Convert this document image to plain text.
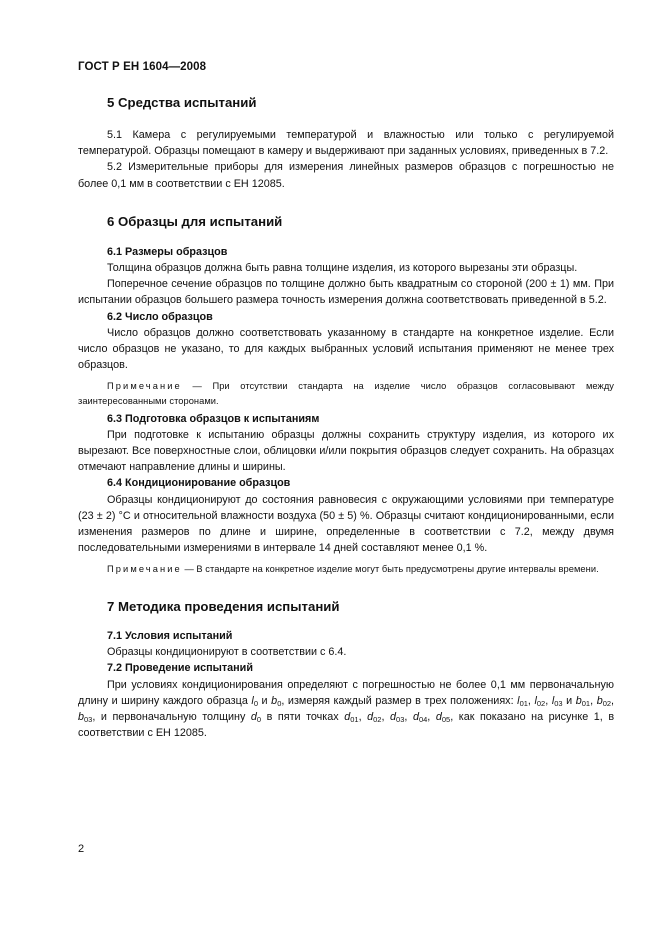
ГОСТ Р ЕН 1604—2008
5 Средства испытаний

5.1 Камера с регулируемыми температурой и влажностью или только с регулируемой температурой. Образцы помещают в камеру и выдерживают при заданных условиях, приведенных в 7.2.

5.2 Измерительные приборы для измерения линейных размеров образцов с погрешностью не более 0,1 мм в соответствии с ЕН 12085.

6 Образцы для испытаний
6.1 Размеры образцов

Толщина образцов должна быть равна толщине изделия, из которого вырезаны эти образцы.

Поперечное сечение образцов по толщине должно быть квадратным со стороной (200 ± 1) мм. При испытании образцов большего размера точность измерения должна соответствовать приведенной в 5.2.

6.2 Число образцов

Число образцов должно соответствовать указанному в стандарте на конкретное изделие. Если число образцов не указано, то для каждых выбранных условий испытания применяют не менее трех образцов.

Примечание — При отсутствии стандарта на изделие число образцов согласовывают между заинтересованными сторонами.
6.3 Подготовка образцов к испытаниям

При подготовке к испытанию образцы должны сохранить структуру изделия, из которого их вырезают. Все поверхностные слои, облицовки и/или покрытия образцов следует сохранить. На образцах отмечают направление длины и ширины.

6.4 Кондиционирование образцов

Образцы кондиционируют до состояния равновесия с окружающими условиями при температуре (23 ± 2) °С и относительной влажности воздуха (50 ± 5) %. Образцы считают кондиционированными, если изменения размеров по длине и ширине, определенные в соответствии с 7.2, между двумя последовательными измерениями в интервале 14 дней составляют менее 0,1 %.

Примечание — В стандарте на конкретное изделие могут быть предусмотрены другие интервалы времени.
7 Методика проведения испытаний
7.1 Условия испытаний

Образцы кондиционируют в соответствии с 6.4.

7.2 Проведение испытаний

При условиях кондиционирования определяют с погрешностью не более 0,1 мм первоначальную длину и ширину каждого образца $l_0$ и $b_0$, измеряя каждый размер в трех положениях: $l_{01}$, $l_{02}$, $l_{03}$ и $b_{01}$, $b_{02}$, $b_{03}$, и первоначальную толщину $d_0$ в пяти точках $d_{01}$, $d_{02}$, $d_{03}$, $d_{04}$, $d_{05}$, как показано на рисунке 1, в соответствии с ЕН 12085.

2
